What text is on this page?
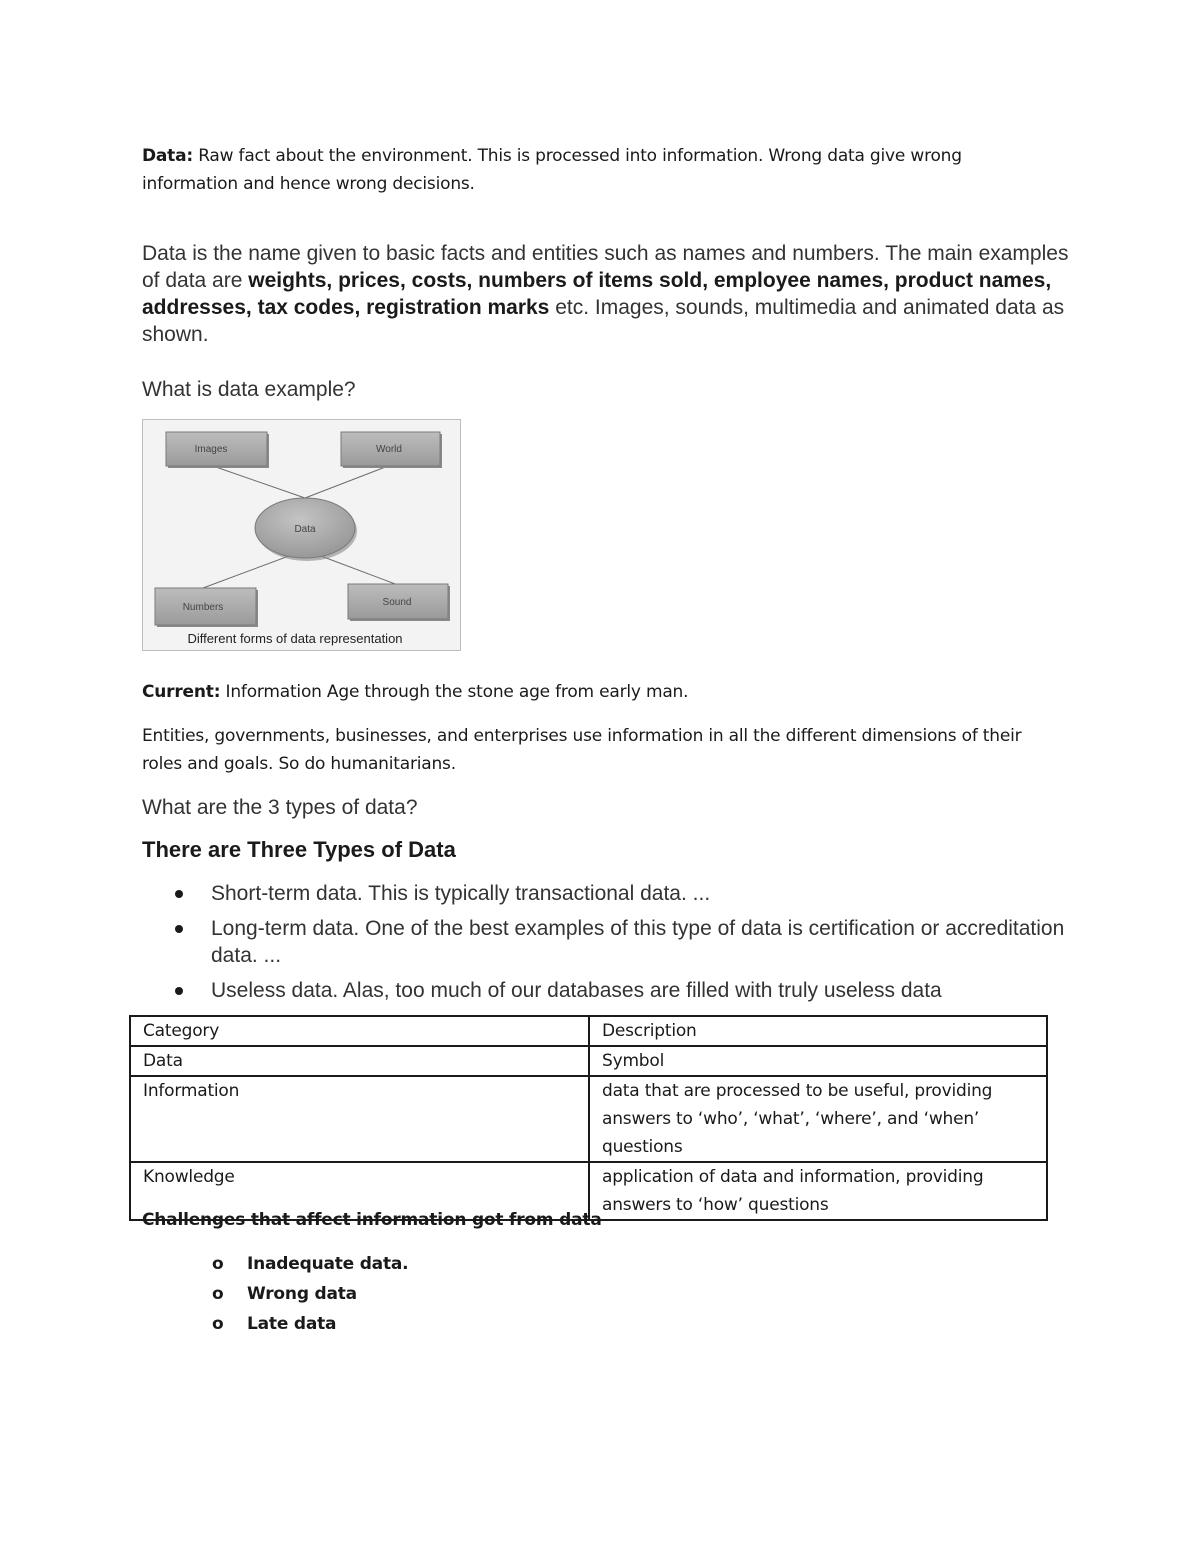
Data: Raw fact about the environment. This is processed into information. Wrong data give wrong information and hence wrong decisions.
Data is the name given to basic facts and entities such as names and numbers. The main examples of data are weights, prices, costs, numbers of items sold, employee names, product names, addresses, tax codes, registration marks etc. Images, sounds, multimedia and animated data as shown.
What is data example?
Images	World
Data
Numbers	Sound
Different forms of data representation
Current: Information Age through the stone age from early man.
Entities, governments, businesses, and enterprises use information in all the different dimensions of their roles and goals. So do humanitarians.
What are the 3 types of data?
There are Three Types of Data
Short-term data. This is typically transactional data. ...
Long-term data. One of the best examples of this type of data is certification or accreditation data. ...
Useless data. Alas, too much of our databases are filled with truly useless data
Category	Description
Data	Symbol
Information	data that are processed to be useful, providing answers to ‘who’, ‘what’, ‘where’, and ‘when’ questions
Knowledge	application of data and information, providing answers to ‘how’ questions
Challenges that affect information got from data
o Inadequate data.
o Wrong data
o Late data
